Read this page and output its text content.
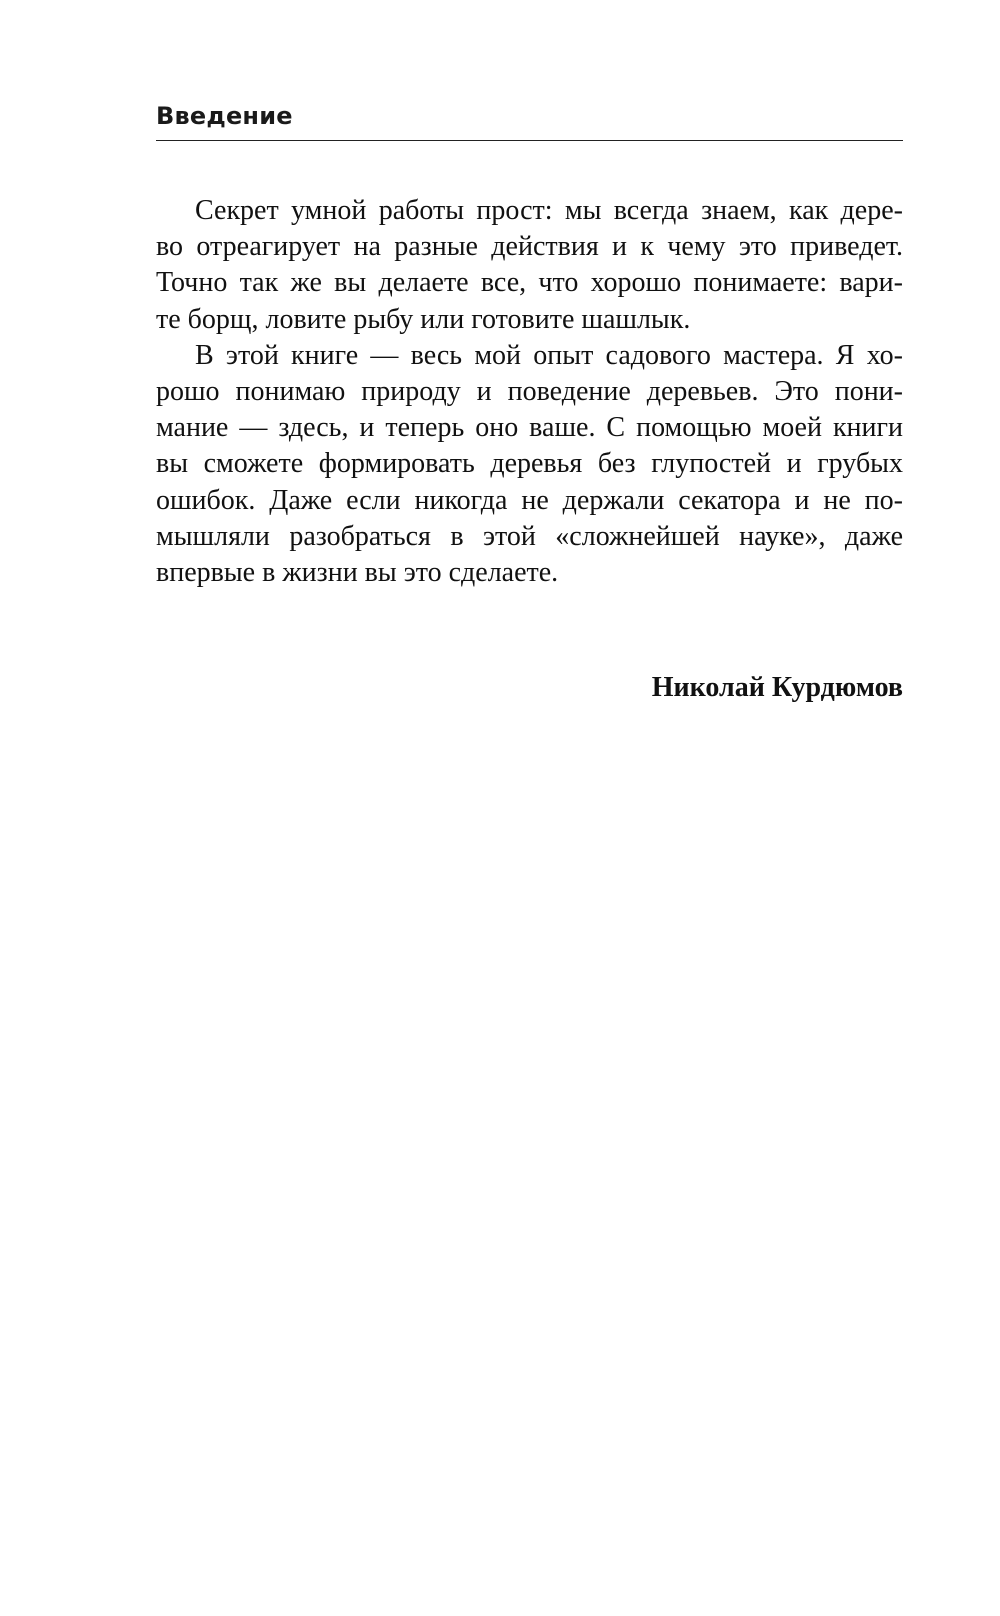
Введение

Секрет умной работы прост: мы всегда знаем, как дере-
во отреагирует на разные действия и к чему это приведет.
Точно так же вы делаете все, что хорошо понимаете: вари-
те борщ, ловите рыбу или готовите шашлык.

В этой книге — весь мой опыт садового мастера. Я хо-
рошо понимаю природу и поведение деревьев. Это пони-
мание — здесь, и теперь оно ваше. С помощью моей книги
вы сможете формировать деревья без глупостей и грубых
ошибок. Даже если никогда не держали секатора и не по-
мышляли разобраться в этой «сложнейшей науке», даже
впервые в жизни вы это сделаете.

Николай Курдюмов
